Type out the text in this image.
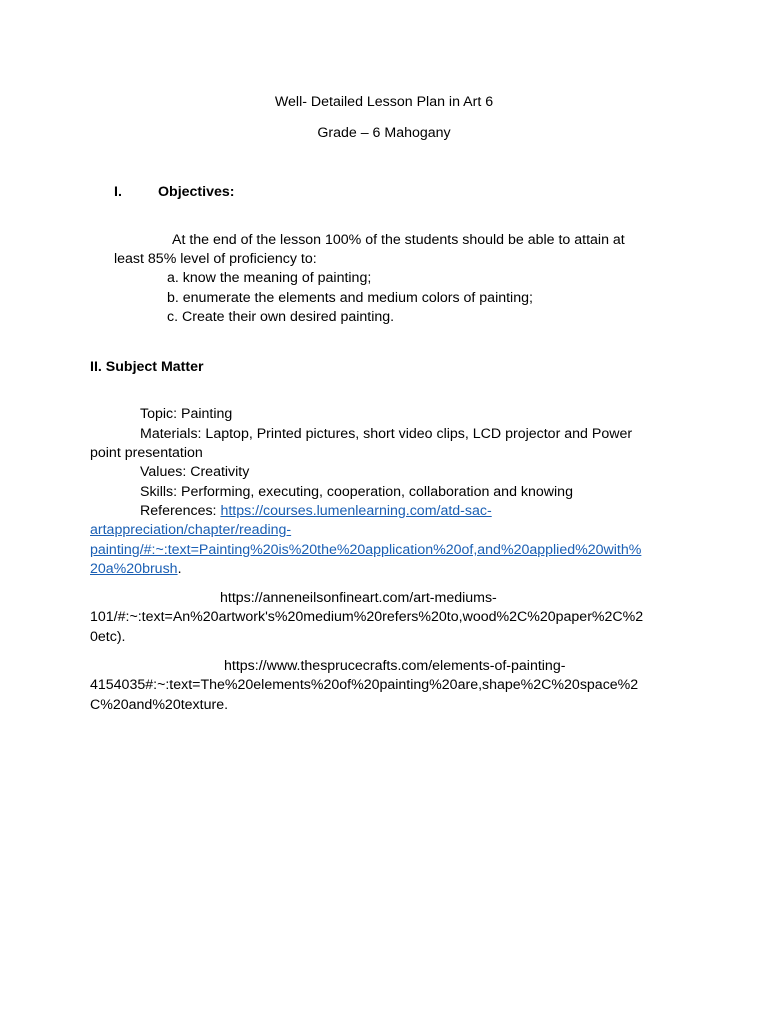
Well- Detailed Lesson Plan in Art 6
Grade – 6 Mahogany
I.	Objectives:
At the end of the lesson 100% of the students should be able to attain at
least 85% level of proficiency to:
a. know the meaning of painting;
b. enumerate the elements and medium colors of painting;
c. Create their own desired painting.
II. Subject Matter
Topic: Painting
Materials: Laptop, Printed pictures, short video clips, LCD projector and Power
point presentation
Values: Creativity
Skills: Performing, executing, cooperation, collaboration and knowing
References: https://courses.lumenlearning.com/atd-sac-
artappreciation/chapter/reading-
painting/#:~:text=Painting%20is%20the%20application%20of,and%20applied%20with%
20a%20brush.
https://anneneilsonfineart.com/art-mediums-
101/#:~:text=An%20artwork's%20medium%20refers%20to,wood%2C%20paper%2C%2
0etc).
https://www.thesprucecrafts.com/elements-of-painting-
4154035#:~:text=The%20elements%20of%20painting%20are,shape%2C%20space%2
C%20and%20texture.
